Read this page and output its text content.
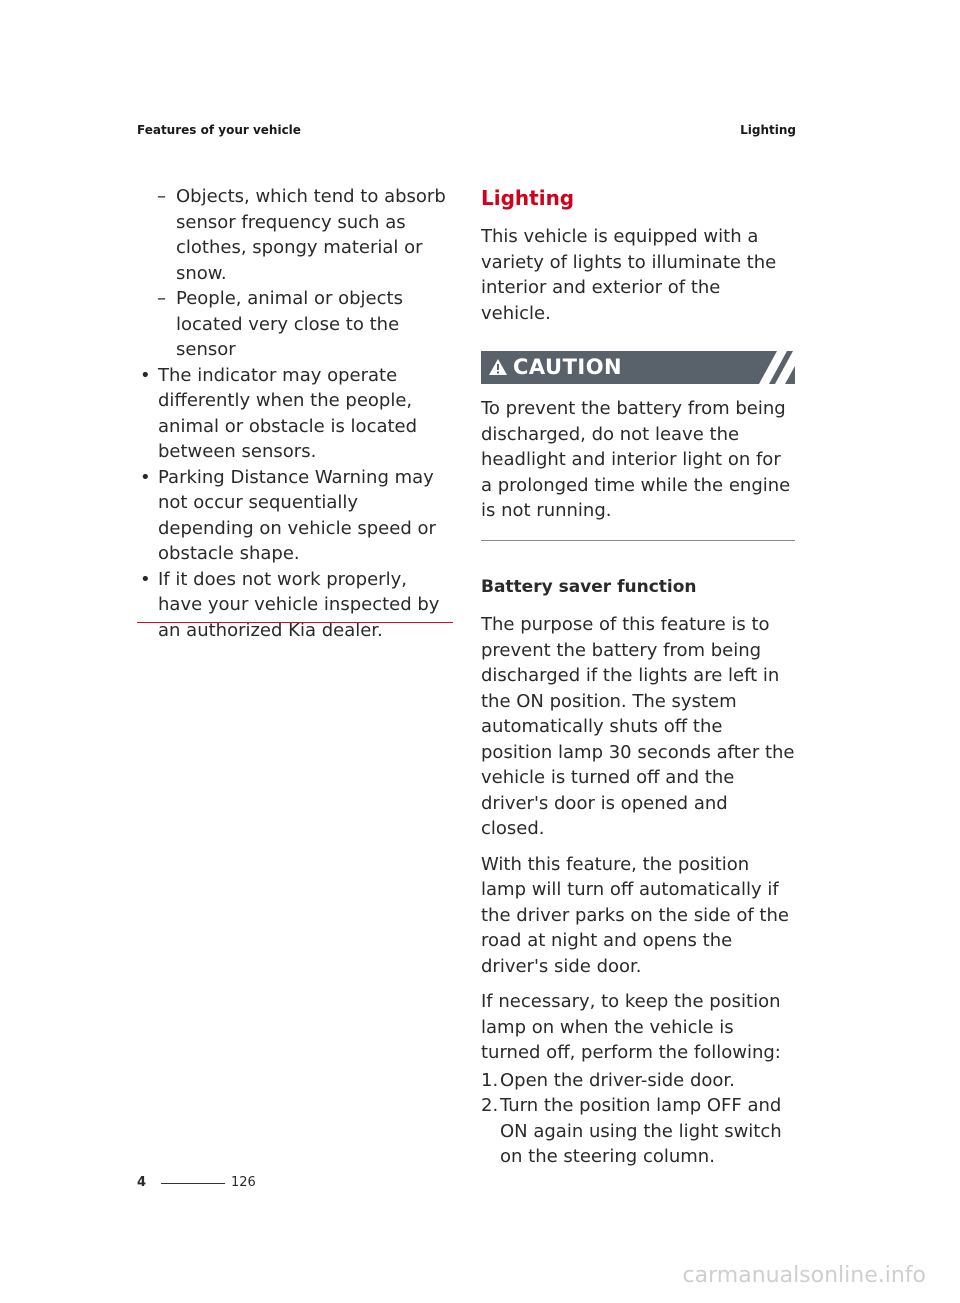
Features of your vehicle	Lighting
– Objects, which tend to absorb sensor frequency such as clothes, spongy material or snow.
– People, animal or objects located very close to the sensor
• The indicator may operate differently when the people, animal or obstacle is located between sensors.
• Parking Distance Warning may not occur sequentially depending on vehicle speed or obstacle shape.
• If it does not work properly, have your vehicle inspected by an authorized Kia dealer.
Lighting

This vehicle is equipped with a variety of lights to illuminate the interior and exterior of the vehicle.

CAUTION

To prevent the battery from being discharged, do not leave the headlight and interior light on for a prolonged time while the engine is not running.

Battery saver function

The purpose of this feature is to prevent the battery from being discharged if the lights are left in the ON position. The system automatically shuts off the position lamp 30 seconds after the vehicle is turned off and the driver's door is opened and closed.

With this feature, the position lamp will turn off automatically if the driver parks on the side of the road at night and opens the driver's side door.

If necessary, to keep the position lamp on when the vehicle is turned off, perform the following:

1. Open the driver-side door.
2. Turn the position lamp OFF and ON again using the light switch on the steering column.
4	126
carmanualsonline.info
